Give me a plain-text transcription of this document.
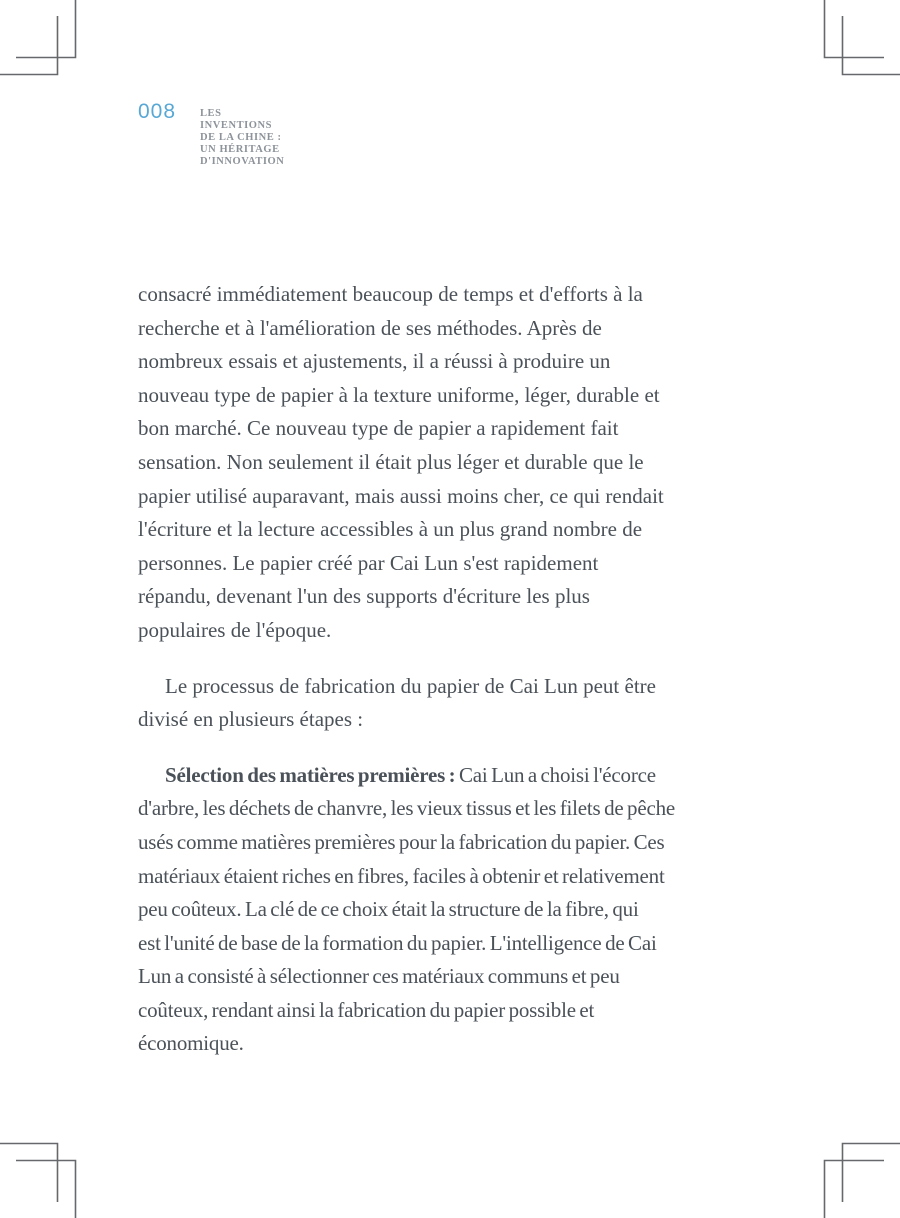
008 LES INVENTIONS DE LA CHINE : UN HÉRITAGE D'INNOVATION
consacré immédiatement beaucoup de temps et d'efforts à la
recherche et à l'amélioration de ses méthodes. Après de
nombreux essais et ajustements, il a réussi à produire un
nouveau type de papier à la texture uniforme, léger, durable et
bon marché. Ce nouveau type de papier a rapidement fait
sensation. Non seulement il était plus léger et durable que le
papier utilisé auparavant, mais aussi moins cher, ce qui rendait
l'écriture et la lecture accessibles à un plus grand nombre de
personnes. Le papier créé par Cai Lun s'est rapidement
répandu, devenant l'un des supports d'écriture les plus
populaires de l'époque.
Le processus de fabrication du papier de Cai Lun peut être
divisé en plusieurs étapes :
Sélection des matières premières : Cai Lun a choisi l'écorce
d'arbre, les déchets de chanvre, les vieux tissus et les filets de pêche
usés comme matières premières pour la fabrication du papier. Ces
matériaux étaient riches en fibres, faciles à obtenir et relativement
peu coûteux. La clé de ce choix était la structure de la fibre, qui
est l'unité de base de la formation du papier. L'intelligence de Cai
Lun a consisté à sélectionner ces matériaux communs et peu
coûteux, rendant ainsi la fabrication du papier possible et
économique.
